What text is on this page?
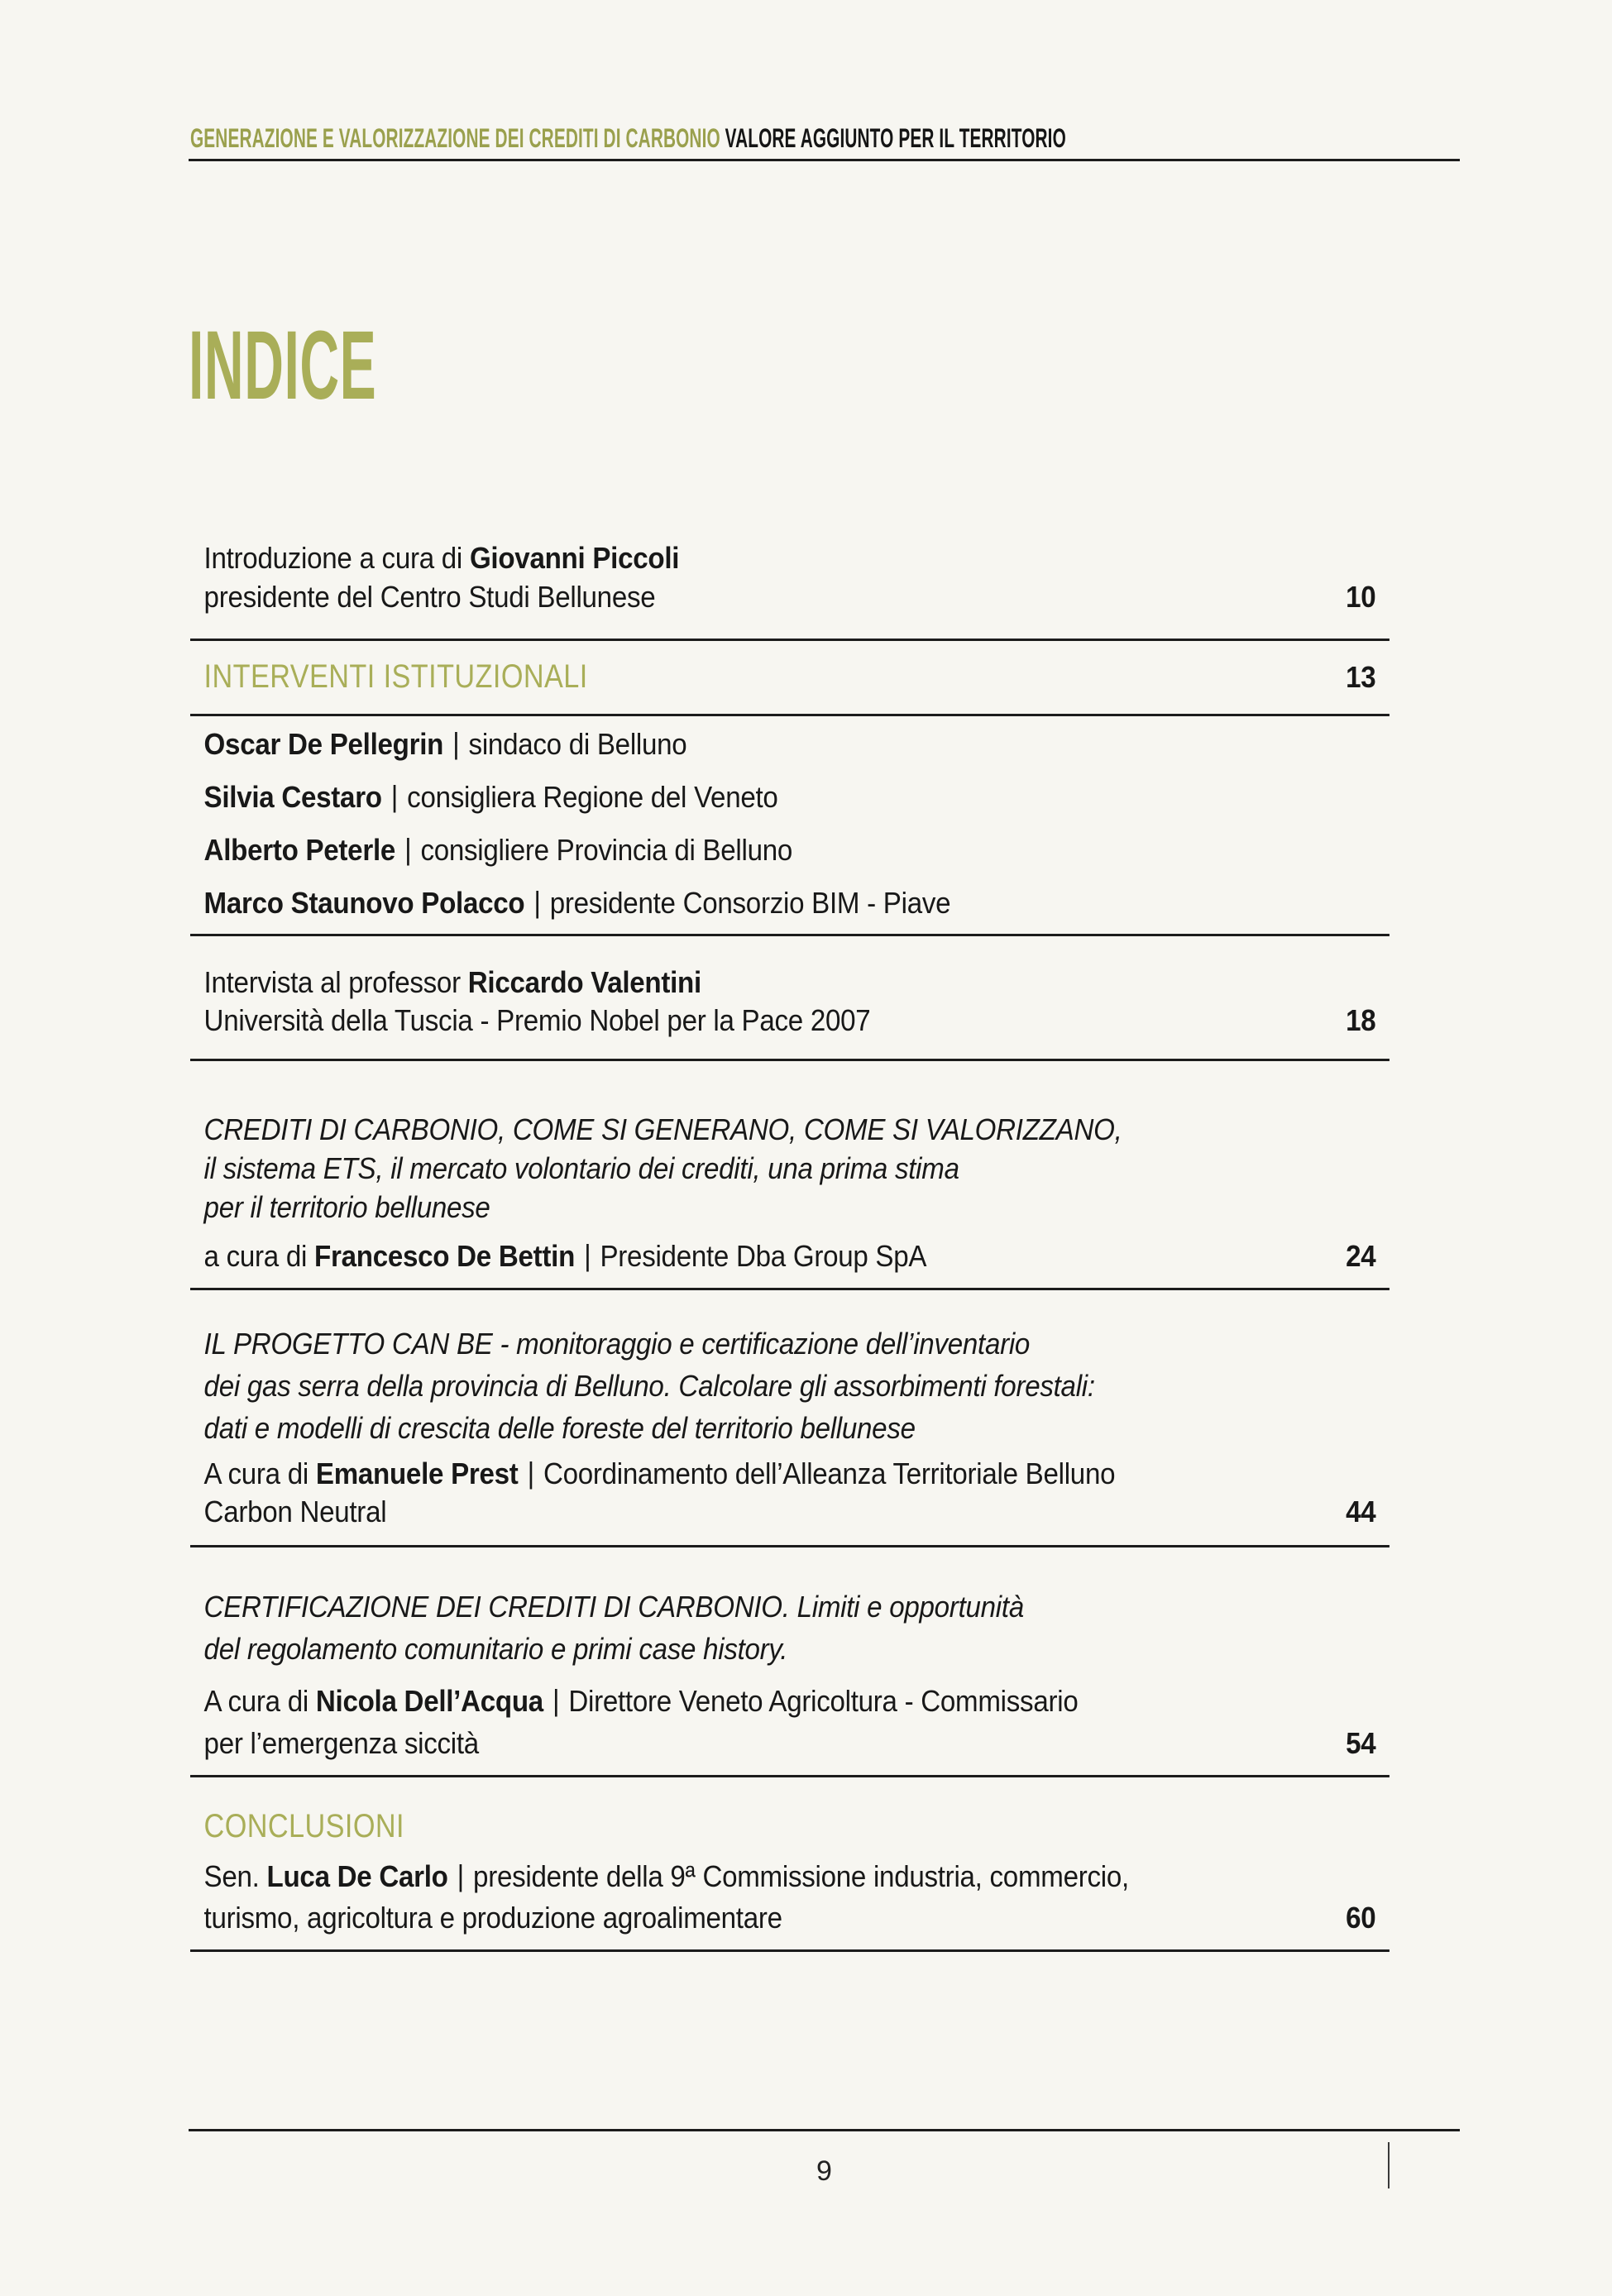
GENERAZIONE E VALORIZZAZIONE DEI CREDITI DI CARBONIO VALORE AGGIUNTO PER IL TERRITORIO
INDICE
Introduzione a cura di Giovanni Piccoli
presidente del Centro Studi Bellunese	10
INTERVENTI ISTITUZIONALI	13
Oscar De Pellegrin | sindaco di Belluno
Silvia Cestaro | consigliera Regione del Veneto
Alberto Peterle | consigliere Provincia di Belluno
Marco Staunovo Polacco | presidente Consorzio BIM - Piave
Intervista al professor Riccardo Valentini
Università della Tuscia - Premio Nobel per la Pace 2007	18
CREDITI DI CARBONIO, COME SI GENERANO, COME SI VALORIZZANO,
il sistema ETS, il mercato volontario dei crediti, una prima stima
per il territorio bellunese
a cura di Francesco De Bettin | Presidente Dba Group SpA	24
IL PROGETTO CAN BE - monitoraggio e certificazione dell’inventario
dei gas serra della provincia di Belluno. Calcolare gli assorbimenti forestali:
dati e modelli di crescita delle foreste del territorio bellunese
A cura di Emanuele Prest | Coordinamento dell’Alleanza Territoriale Belluno
Carbon Neutral	44
CERTIFICAZIONE DEI CREDITI DI CARBONIO. Limiti e opportunità
del regolamento comunitario e primi case history.
A cura di Nicola Dell’Acqua | Direttore Veneto Agricoltura - Commissario
per l’emergenza siccità	54
CONCLUSIONI
Sen. Luca De Carlo | presidente della 9ª Commissione industria, commercio,
turismo, agricoltura e produzione agroalimentare	60
9
